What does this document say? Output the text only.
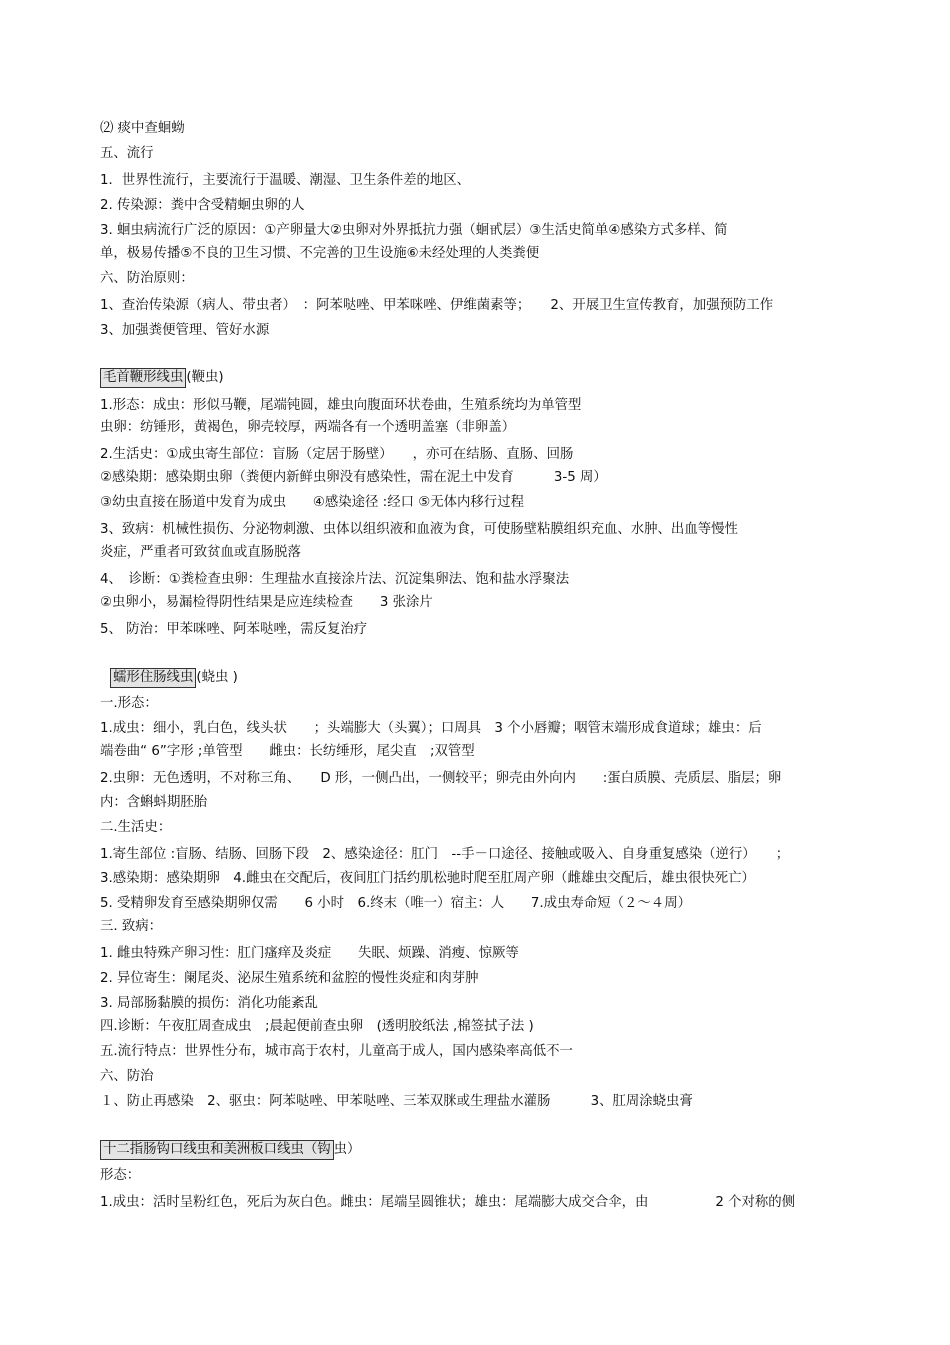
⑵ 痰中查蛔蚴
五、流行
1．世界性流行，主要流行于温暖、潮湿、卫生条件差的地区、
2. 传染源：粪中含受精蛔虫卵的人
3. 蛔虫病流行广泛的原因：①产卵量大②虫卵对外界抵抗力强（蛔甙层）③生活史简单④感染方式多样、简
单，极易传播⑤不良的卫生习惯、不完善的卫生设施⑥未经处理的人类粪便
六、防治原则：
1、查治传染源（病人、带虫者）　：阿苯哒唑、甲苯咪唑、伊维菌素等；　　2、开展卫生宣传教育，加强预防工作
3、加强粪便管理、管好水源
毛首鞭形线虫 (鞭虫)
1.形态：成虫：形似马鞭，尾端钝圆，雄虫向腹面环状卷曲，生殖系统均为单管型
虫卵：纺锤形，黄褐色，卵壳较厚，两端各有一个透明盖塞（非卵盖）
2.生活史：①成虫寄生部位：盲肠（定居于肠壁）　　，亦可在结肠、直肠、回肠
②感染期：感染期虫卵（粪便内新鲜虫卵没有感染性，需在泥土中发育　　　3-5 周）
③幼虫直接在肠道中发育为成虫　　④感染途径 :经口 ⑤无体内移行过程
3、致病：机械性损伤、分泌物刺激、虫体以组织液和血液为食，可使肠壁粘膜组织充血、水肿、出血等慢性
炎症，严重者可致贫血或直肠脱落
4、　诊断：①粪检查虫卵：生理盐水直接涂片法、沉淀集卵法、饱和盐水浮聚法
②虫卵小，易漏检得阴性结果是应连续检查　　3 张涂片
5、 防治：甲苯咪唑、阿苯哒唑，需反复治疗
蠕形住肠线虫 (蛲虫 )
一.形态：
1.成虫：细小，乳白色，线头状　　；头端膨大（头翼）；口周具　3 个小唇瓣；咽管末端形成食道球；雄虫：后
端卷曲“ 6”字形 ;单管型　　雌虫：长纺缍形，尾尖直　;双管型
2.虫卵：无色透明，不对称三角、　　D 形，一侧凸出，一侧较平；卵壳由外向内　　:蛋白质膜、壳质层、脂层；卵
内：含蝌蚪期胚胎
二.生活史：
1.寄生部位 :盲肠、结肠、回肠下段　2、感染途径：肛门　--手－口途径、接触或吸入、自身重复感染（逆行）　　；
3.感染期：感染期卵　4.雌虫在交配后，夜间肛门括约肌松驰时爬至肛周产卵（雌雄虫交配后，雄虫很快死亡）
5. 受精卵发育至感染期卵仅需　　6 小时　6.终末（唯一）宿主：人　　7.成虫寿命短（２～４周）
三. 致病：
1. 雌虫特殊产卵习性：肛门瘙痒及炎症　　失眠、烦躁、消瘦、惊厥等
2. 异位寄生：阑尾炎、泌尿生殖系统和盆腔的慢性炎症和肉芽肿
3. 局部肠黏膜的损伤：消化功能紊乱
四.诊断：午夜肛周查成虫　;晨起便前查虫卵　(透明胶纸法 ,棉签拭子法 )
五.流行特点：世界性分布，城市高于农村，儿童高于成人，国内感染率高低不一
六、防治
１、防止再感染　2、驱虫：阿苯哒唑、甲苯哒唑、三苯双脒或生理盐水灌肠　　　3、肛周涂蛲虫膏
十二指肠钩口线虫和美洲板口线虫（钩 虫）
形态：
1.成虫：活时呈粉红色，死后为灰白色。雌虫：尾端呈圆锥状；雄虫：尾端膨大成交合伞，由　　　　　2 个对称的侧
